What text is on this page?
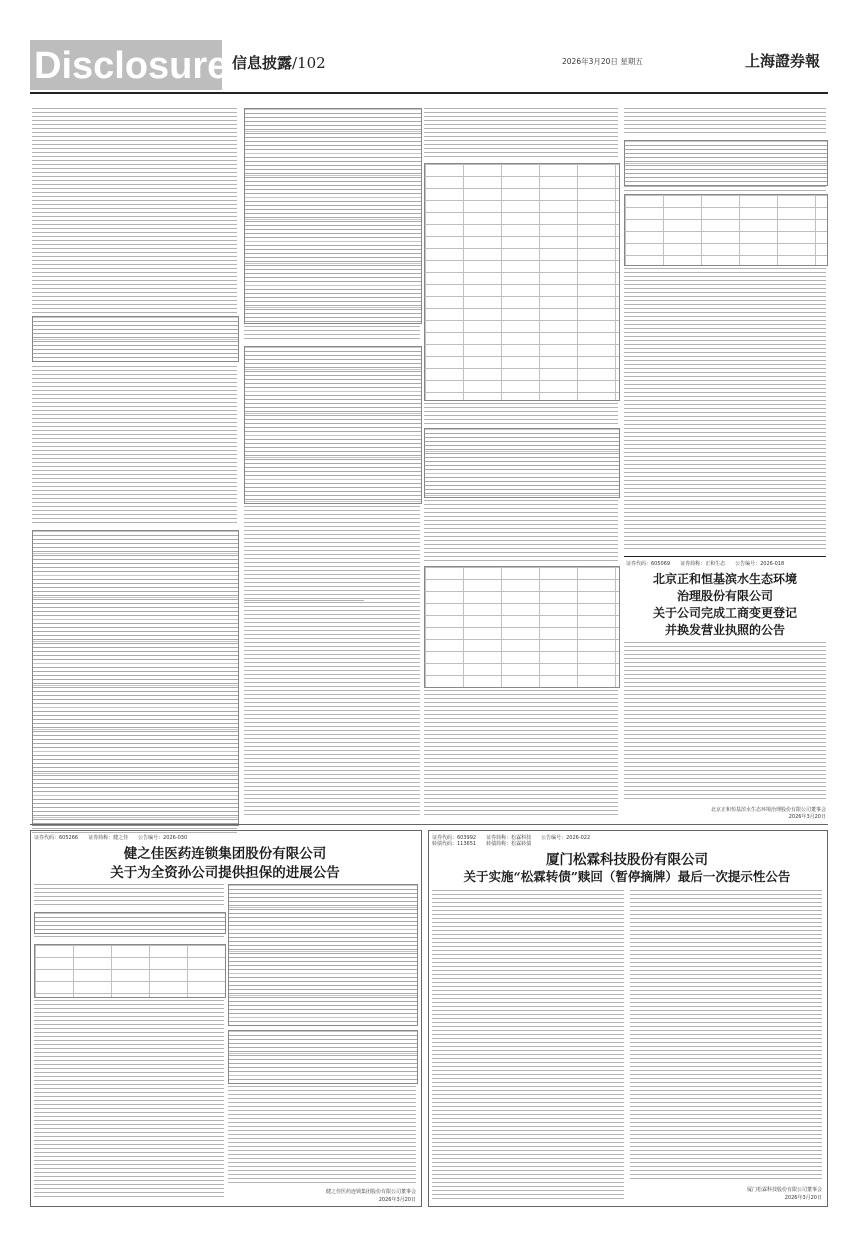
Disclosure 信息披露/102	2026年3月20日 星期五	上海證券報
证券代码：605069　　证券简称：正和生态　　公告编号：2026-018
北京正和恒基滨水生态环境
治理股份有限公司
关于公司完成工商变更登记
并换发营业执照的公告
北京正和恒基滨水生态环境治理股份有限公司董事会
2026年3月20日
证券代码：605266　　证券简称：健之佳　　公告编号：2026-030
健之佳医药连锁集团股份有限公司
关于为全资孙公司提供担保的进展公告
健之佳医药连锁集团股份有限公司董事会
2026年3月20日
证券代码：603992　　证券简称：松霖科技　　公告编号：2026-022
转债代码：113651　　转债简称：松霖转债
厦门松霖科技股份有限公司
关于实施“松霖转债”赎回（暂停摘牌）最后一次提示性公告
厦门松霖科技股份有限公司董事会
2026年3月20日
